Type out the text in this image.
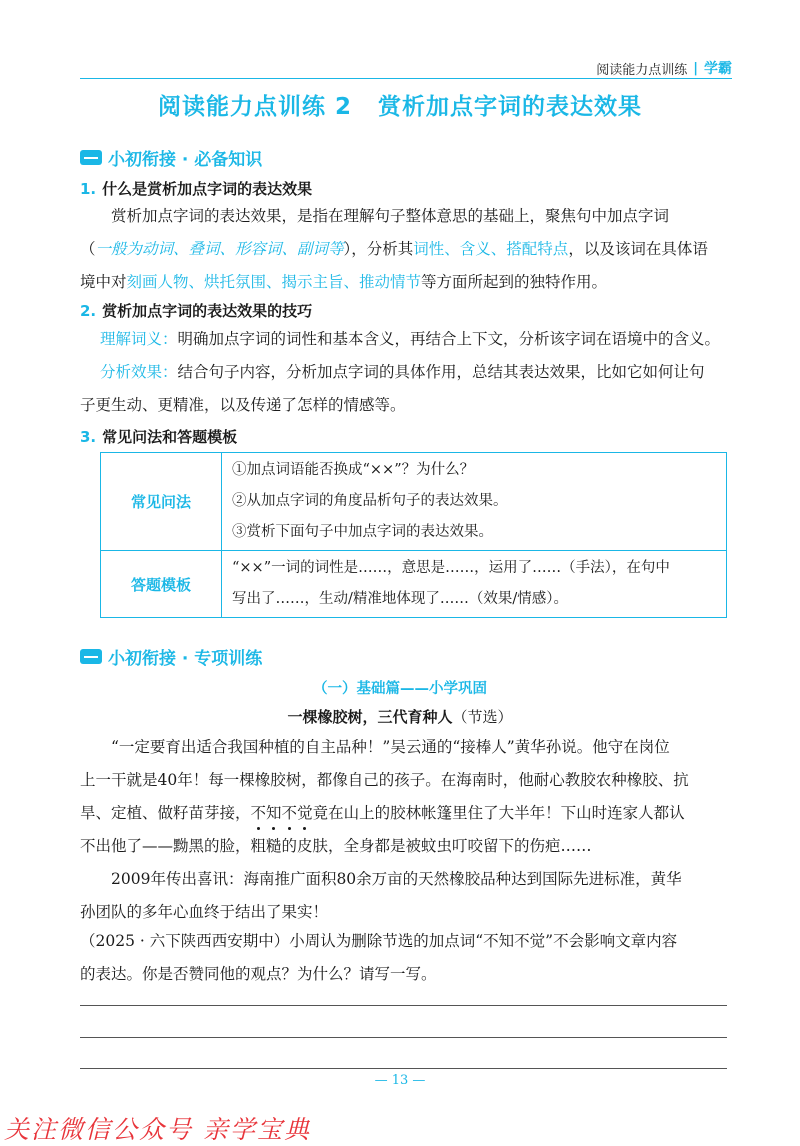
阅读能力点训练 | 学霸
阅读能力点训练 2 赏析加点字词的表达效果
小初衔接 · 必备知识
1. 什么是赏析加点字词的表达效果
赏析加点字词的表达效果，是指在理解句子整体意思的基础上，聚焦句中加点字词
（一般为动词、叠词、形容词、副词等），分析其词性、含义、搭配特点，以及该词在具体语
境中对刻画人物、烘托氛围、揭示主旨、推动情节等方面所起到的独特作用。
2. 赏析加点字词的表达效果的技巧
理解词义：明确加点字词的词性和基本含义，再结合上下文，分析该字词在语境中的含义。
分析效果：结合句子内容，分析加点字词的具体作用，总结其表达效果，比如它如何让句
子更生动、更精准，以及传递了怎样的情感等。
3. 常见问法和答题模板
常见问法	①加点词语能否换成“××”？为什么？
②从加点字词的角度品析句子的表达效果。
③赏析下面句子中加点字词的表达效果。

答题模板	“××”一词的词性是……，意思是……，运用了……（手法），在句中
写出了……，生动/精准地体现了……（效果/情感）。
小初衔接 · 专项训练
（一）基础篇——小学巩固
一棵橡胶树，三代育种人（节选）
“一定要育出适合我国种植的自主品种！”吴云通的“接棒人”黄华孙说。他守在岗位
上一干就是40年！每一棵橡胶树，都像自己的孩子。在海南时，他耐心教胶农种橡胶、抗
旱、定植、做籽苗芽接，不知不觉竟在山上的胶林帐篷里住了大半年！下山时连家人都认
不出他了——黝黑的脸，粗糙的皮肤，全身都是被蚊虫叮咬留下的伤疤……
2009年传出喜讯：海南推广面积80余万亩的天然橡胶品种达到国际先进标准，黄华
孙团队的多年心血终于结出了果实！
（2025 · 六下陕西西安期中）小周认为删除节选的加点词“不知不觉”不会影响文章内容
的表达。你是否赞同他的观点？为什么？请写一写。
— 13 —
关注微信公众号 亲学宝典
